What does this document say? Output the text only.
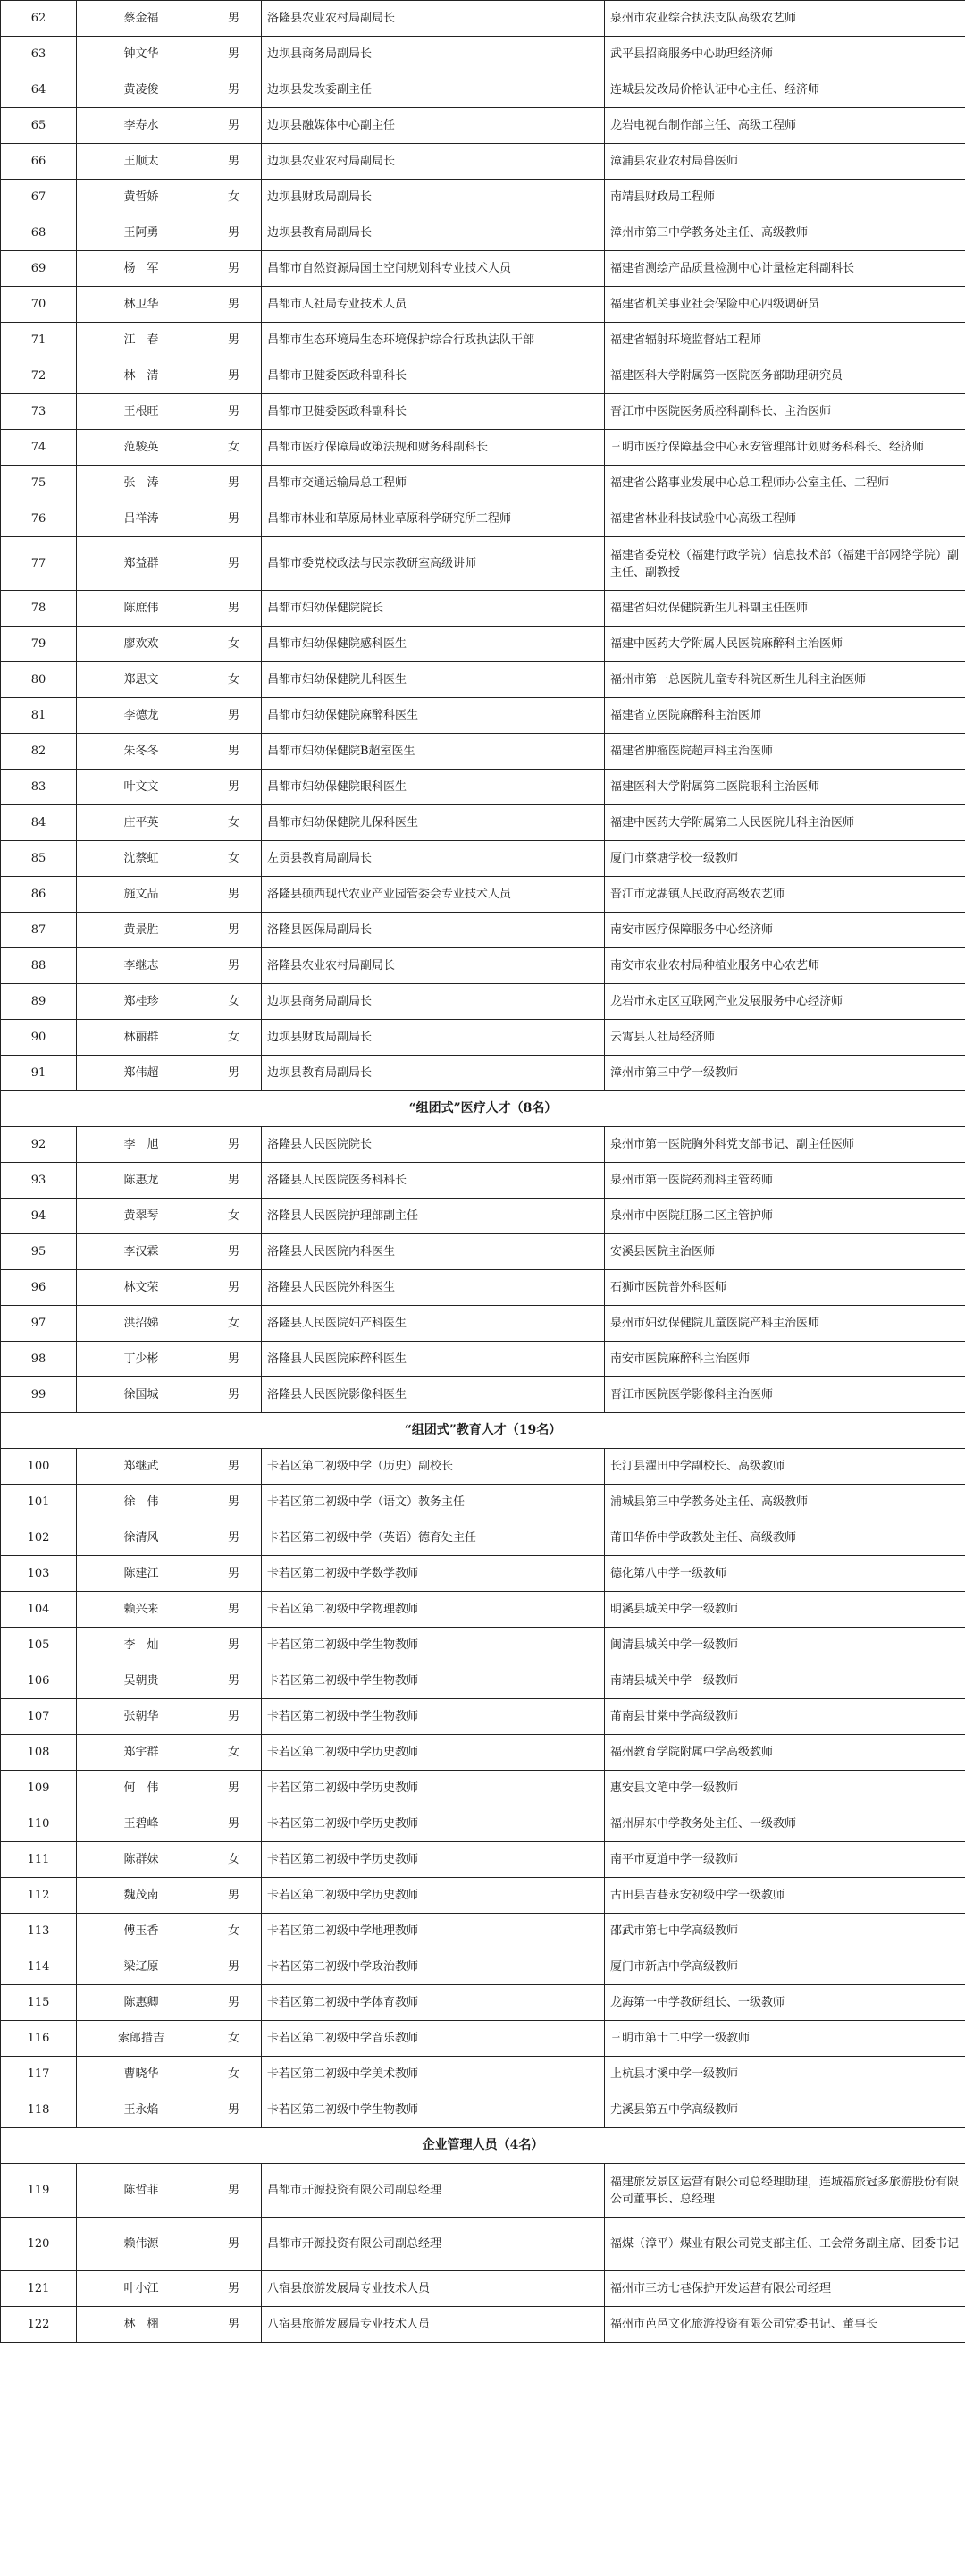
62	蔡金福	男	洛隆县农业农村局副局长	泉州市农业综合执法支队高级农艺师
63	钟文华	男	边坝县商务局副局长	武平县招商服务中心助理经济师
64	黄凌俊	男	边坝县发改委副主任	连城县发改局价格认证中心主任、经济师
65	李寿水	男	边坝县融媒体中心副主任	龙岩电视台制作部主任、高级工程师
66	王顺太	男	边坝县农业农村局副局长	漳浦县农业农村局兽医师
67	黄哲娇	女	边坝县财政局副局长	南靖县财政局工程师
68	王阿勇	男	边坝县教育局副局长	漳州市第三中学教务处主任、高级教师
69	杨　军	男	昌都市自然资源局国土空间规划科专业技术人员	福建省测绘产品质量检测中心计量检定科副科长
70	林卫华	男	昌都市人社局专业技术人员	福建省机关事业社会保险中心四级调研员
71	江　春	男	昌都市生态环境局生态环境保护综合行政执法队干部	福建省辐射环境监督站工程师
72	林　清	男	昌都市卫健委医政科副科长	福建医科大学附属第一医院医务部助理研究员
73	王根旺	男	昌都市卫健委医政科副科长	晋江市中医院医务质控科副科长、主治医师
74	范骏英	女	昌都市医疗保障局政策法规和财务科副科长	三明市医疗保障基金中心永安管理部计划财务科科长、经济师
75	张　涛	男	昌都市交通运输局总工程师	福建省公路事业发展中心总工程师办公室主任、工程师
76	吕祥涛	男	昌都市林业和草原局林业草原科学研究所工程师	福建省林业科技试验中心高级工程师
77	郑益群	男	昌都市委党校政法与民宗教研室高级讲师	福建省委党校（福建行政学院）信息技术部（福建干部网络学院）副主任、副教授
78	陈庶伟	男	昌都市妇幼保健院院长	福建省妇幼保健院新生儿科副主任医师
79	廖欢欢	女	昌都市妇幼保健院感科医生	福建中医药大学附属人民医院麻醉科主治医师
80	郑思文	女	昌都市妇幼保健院儿科医生	福州市第一总医院儿童专科院区新生儿科主治医师
81	李德龙	男	昌都市妇幼保健院麻醉科医生	福建省立医院麻醉科主治医师
82	朱冬冬	男	昌都市妇幼保健院B超室医生	福建省肿瘤医院超声科主治医师
83	叶文文	男	昌都市妇幼保健院眼科医生	福建医科大学附属第二医院眼科主治医师
84	庄平英	女	昌都市妇幼保健院儿保科医生	福建中医药大学附属第二人民医院儿科主治医师
85	沈蔡虹	女	左贡县教育局副局长	厦门市蔡塘学校一级教师
86	施文品	男	洛隆县硕西现代农业产业园管委会专业技术人员	晋江市龙湖镇人民政府高级农艺师
87	黄景胜	男	洛隆县医保局副局长	南安市医疗保障服务中心经济师
88	李继志	男	洛隆县农业农村局副局长	南安市农业农村局种植业服务中心农艺师
89	郑桂珍	女	边坝县商务局副局长	龙岩市永定区互联网产业发展服务中心经济师
90	林丽群	女	边坝县财政局副局长	云霄县人社局经济师
91	郑伟超	男	边坝县教育局副局长	漳州市第三中学一级教师
“组团式”医疗人才（8名）				
92	李　旭	男	洛隆县人民医院院长	泉州市第一医院胸外科党支部书记、副主任医师
93	陈惠龙	男	洛隆县人民医院医务科科长	泉州市第一医院药剂科主管药师
94	黄翠琴	女	洛隆县人民医院护理部副主任	泉州市中医院肛肠二区主管护师
95	李汉霖	男	洛隆县人民医院内科医生	安溪县医院主治医师
96	林文荣	男	洛隆县人民医院外科医生	石狮市医院普外科医师
97	洪招娣	女	洛隆县人民医院妇产科医生	泉州市妇幼保健院儿童医院产科主治医师
98	丁少彬	男	洛隆县人民医院麻醉科医生	南安市医院麻醉科主治医师
99	徐国城	男	洛隆县人民医院影像科医生	晋江市医院医学影像科主治医师
“组团式”教育人才（19名）				
100	郑继武	男	卡若区第二初级中学（历史）副校长	长汀县濯田中学副校长、高级教师
101	徐　伟	男	卡若区第二初级中学（语文）教务主任	浦城县第三中学教务处主任、高级教师
102	徐清风	男	卡若区第二初级中学（英语）德育处主任	莆田华侨中学政教处主任、高级教师
103	陈建江	男	卡若区第二初级中学数学教师	德化第八中学一级教师
104	赖兴来	男	卡若区第二初级中学物理教师	明溪县城关中学一级教师
105	李　灿	男	卡若区第二初级中学生物教师	闽清县城关中学一级教师
106	吴朝贵	男	卡若区第二初级中学生物教师	南靖县城关中学一级教师
107	张朝华	男	卡若区第二初级中学生物教师	莆南县甘棠中学高级教师
108	郑宇群	女	卡若区第二初级中学历史教师	福州教育学院附属中学高级教师
109	何　伟	男	卡若区第二初级中学历史教师	惠安县文笔中学一级教师
110	王碧峰	男	卡若区第二初级中学历史教师	福州屏东中学教务处主任、一级教师
111	陈群妹	女	卡若区第二初级中学历史教师	南平市夏道中学一级教师
112	魏茂南	男	卡若区第二初级中学历史教师	古田县吉巷永安初级中学一级教师
113	傅玉香	女	卡若区第二初级中学地理教师	邵武市第七中学高级教师
114	梁辽原	男	卡若区第二初级中学政治教师	厦门市新店中学高级教师
115	陈惠卿	男	卡若区第二初级中学体育教师	龙海第一中学教研组长、一级教师
116	索郎措吉	女	卡若区第二初级中学音乐教师	三明市第十二中学一级教师
117	曹晓华	女	卡若区第二初级中学美术教师	上杭县才溪中学一级教师
118	王永焰	男	卡若区第二初级中学生物教师	尤溪县第五中学高级教师
企业管理人员（4名）				
119	陈哲菲	男	昌都市开源投资有限公司副总经理	福建旅发景区运营有限公司总经理助理，连城福旅冠多旅游股份有限公司董事长、总经理
120	赖伟源	男	昌都市开源投资有限公司副总经理	福煤（漳平）煤业有限公司党支部主任、工会常务副主席、团委书记
121	叶小江	男	八宿县旅游发展局专业技术人员	福州市三坊七巷保护开发运营有限公司经理
122	林　栩	男	八宿县旅游发展局专业技术人员	福州市芭邑文化旅游投资有限公司党委书记、董事长
